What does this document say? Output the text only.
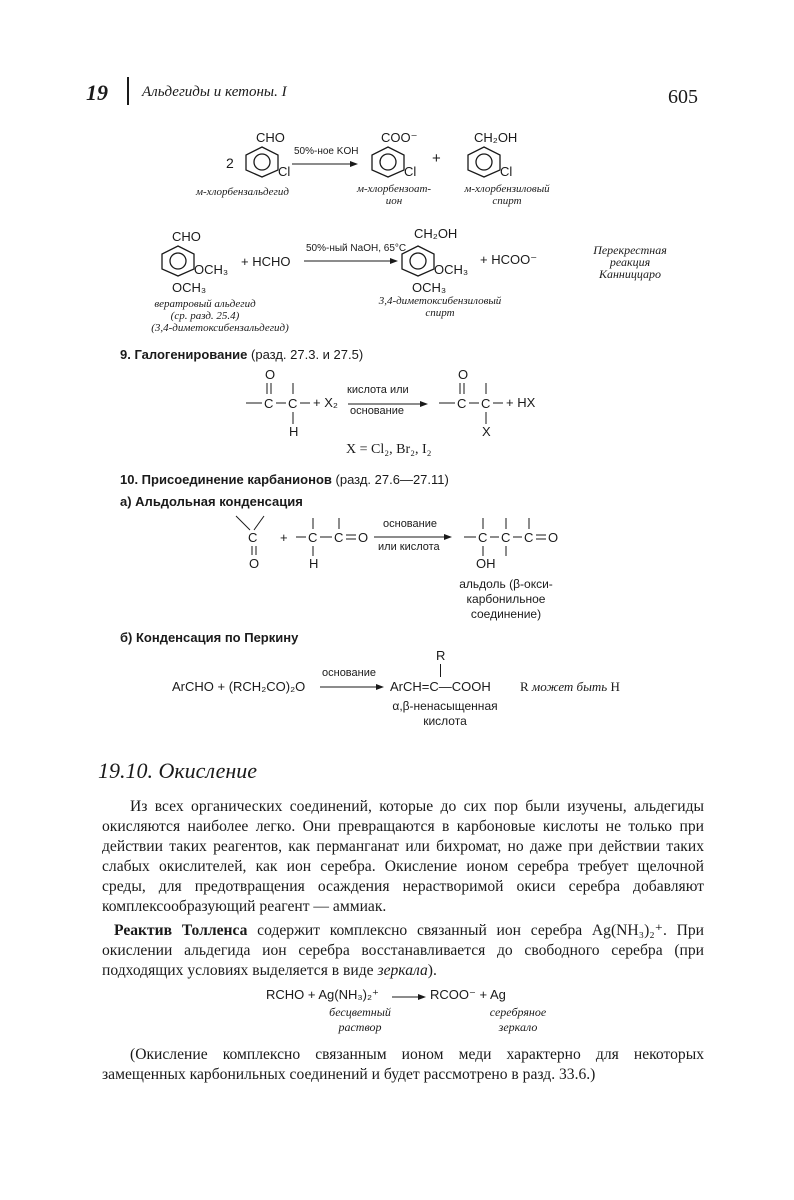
19 Альдегиды и кетоны. I	605
2
CHO
Cl
50%-ное KOH
COO⁻
Cl
+
CH₂OH
Cl
м-хлорбензальдегид	м-хлорбензоат-
ион
м-хлорбензиловый
спирт
CHO
OCH₃
OCH₃
+ HCHO
50%-ный NaOH, 65°C
CH₂OH
OCH₃
OCH₃
+ HCOO⁻
Перекрестная
реакция
Канниццаро
вератровый альдегид
(ср. разд. 25.4)
(3,4-диметоксибензальдегид)
3,4-диметоксибензиловый
спирт
9. Галогенирование (разд. 27.3. и 27.5)
O
C C
H
O
C C
X
+ X₂
кислота или
основание
+ HX
X = Cl₂, Br₂, I₂
10. Присоединение карбанионов (разд. 27.6—27.11)
а) Альдольная конденсация
C
O
+ C C O
H
C C C O
OH
основание
или кислота
альдоль (β-окси-
карбонильное
соединение)
б) Конденсация по Перкину
ArCHO + (RCH₂CO)₂O
основание
R
ArCH=C—COOH R может быть H
α,β-ненасыщенная
кислота
19.10. Окисление

Из всех органических соединений, которые до сих пор были изучены, альдегиды окисляются наиболее легко. Они превращаются в карбоновые кислоты не только при действии таких реагентов, как перманганат или бихромат, но даже при действии таких слабых окислителей, как ион серебра. Окисление ионом серебра требует щелочной среды, для предотвращения осаждения нерастворимой окиси серебра добавляют комплексообразующий реагент — аммиак.

Реактив Толленса содержит комплексно связанный ион серебра Ag(NH₃)₂⁺. При окислении альдегида ион серебра восстанавливается до свободного серебра (при подходящих условиях выделяется в виде зеркала).

RCHO + Ag(NH₃)₂⁺ → RCOO⁻ + Ag
бесцветный
раствор
серебряное
зеркало

(Окисление комплексно связанным ионом меди характерно для некоторых замещенных карбонильных соединений и будет рассмотрено в разд. 33.6.)
